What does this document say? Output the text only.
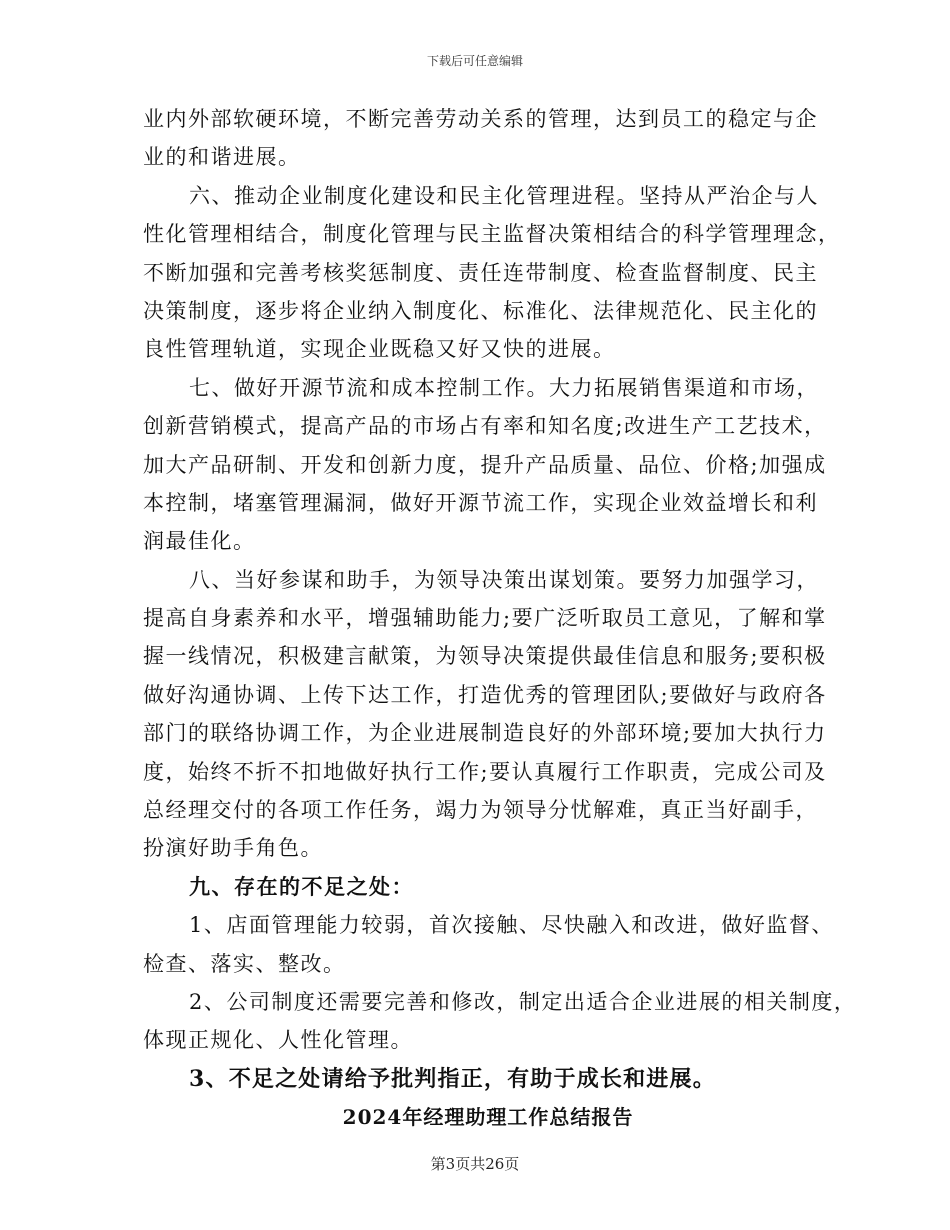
下载后可任意编辑
业内外部软硬环境，不断完善劳动关系的管理，达到员工的稳定与企
业的和谐进展。
六、推动企业制度化建设和民主化管理进程。坚持从严治企与人
性化管理相结合，制度化管理与民主监督决策相结合的科学管理理念，
不断加强和完善考核奖惩制度、责任连带制度、检查监督制度、民主
决策制度，逐步将企业纳入制度化、标准化、法律规范化、民主化的
良性管理轨道，实现企业既稳又好又快的进展。
七、做好开源节流和成本控制工作。大力拓展销售渠道和市场，
创新营销模式，提高产品的市场占有率和知名度;改进生产工艺技术，
加大产品研制、开发和创新力度，提升产品质量、品位、价格;加强成
本控制，堵塞管理漏洞，做好开源节流工作，实现企业效益增长和利
润最佳化。
八、当好参谋和助手，为领导决策出谋划策。要努力加强学习，
提高自身素养和水平，增强辅助能力;要广泛听取员工意见，了解和掌
握一线情况，积极建言献策，为领导决策提供最佳信息和服务;要积极
做好沟通协调、上传下达工作，打造优秀的管理团队;要做好与政府各
部门的联络协调工作，为企业进展制造良好的外部环境;要加大执行力
度，始终不折不扣地做好执行工作;要认真履行工作职责，完成公司及
总经理交付的各项工作任务，竭力为领导分忧解难，真正当好副手，
扮演好助手角色。
九、存在的不足之处：
1、店面管理能力较弱，首次接触、尽快融入和改进，做好监督、
检查、落实、整改。
2、公司制度还需要完善和修改，制定出适合企业进展的相关制度，
体现正规化、人性化管理。
3、不足之处请给予批判指正，有助于成长和进展。
2024年经理助理工作总结报告
第3页共26页
